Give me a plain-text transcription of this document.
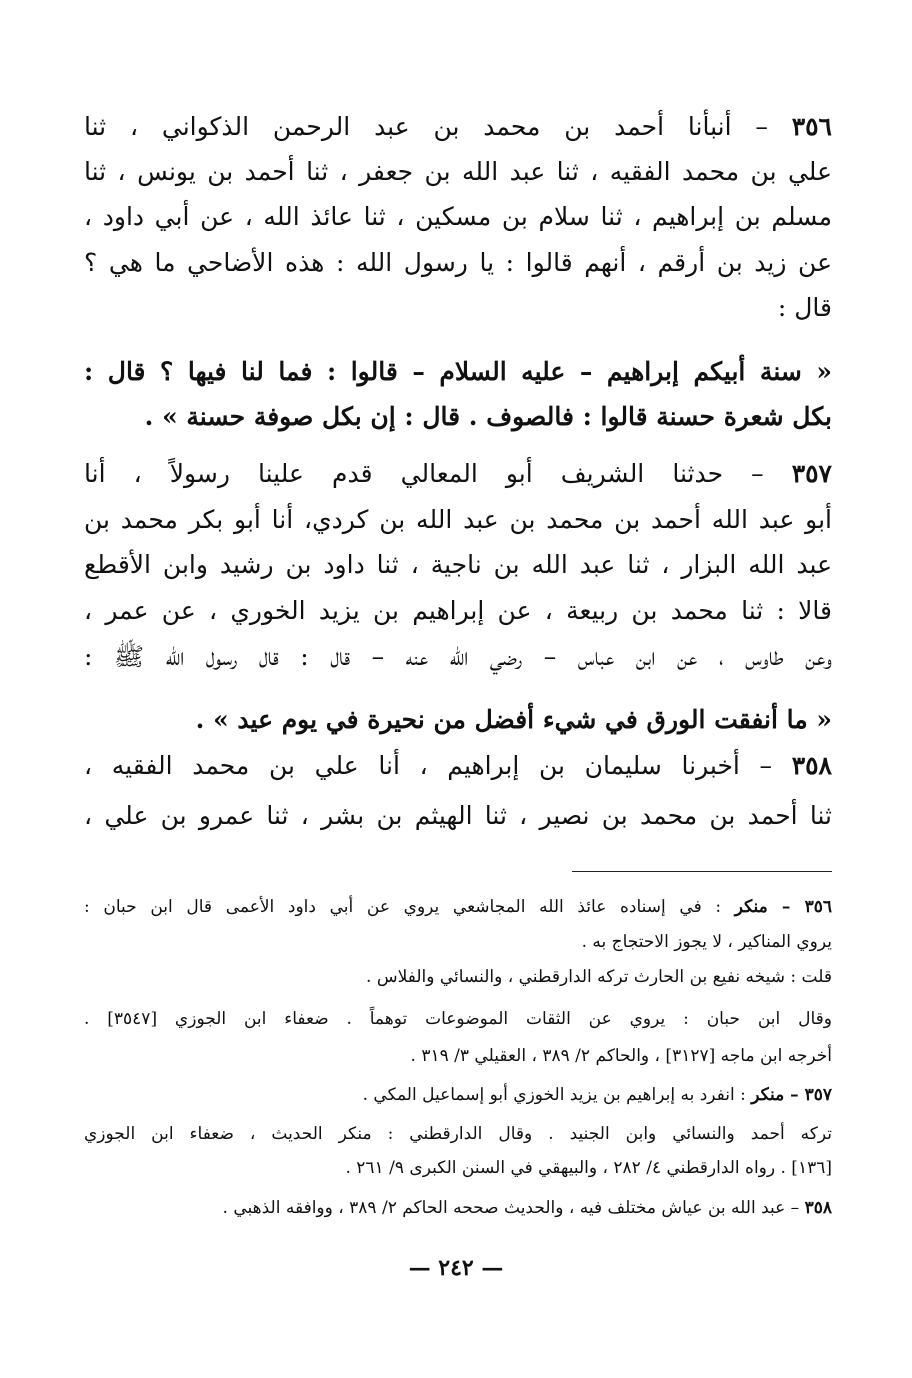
٣٥٦ – أنبأنا أحمد بن محمد بن عبد الرحمن الذكواني ، ثنا
علي بن محمد الفقيه ، ثنا عبد الله بن جعفر ، ثنا أحمد بن يونس ، ثنا
مسلم بن إبراهيم ، ثنا سلام بن مسكين ، ثنا عائذ الله ، عن أبي داود ،
عن زيد بن أرقم ، أنهم قالوا : يا رسول الله : هذه الأضاحي ما هي ؟
قال :
« سنة أبيكم إبراهيم – عليه السلام – قالوا : فما لنا فيها ؟ قال :
بكل شعرة حسنة قالوا : فالصوف . قال : إن بكل صوفة حسنة » .
٣٥٧ – حدثنا الشريف أبو المعالي قدم علينا رسولاً ، أنا
أبو عبد الله أحمد بن محمد بن عبد الله بن كردي، أنا أبو بكر محمد بن
عبد الله البزار ، ثنا عبد الله بن ناجية ، ثنا داود بن رشيد وابن الأقطع
قالا : ثنا محمد بن ربيعة ، عن إبراهيم بن يزيد الخوري ، عن عمر ،
وعن طاوس ، عن ابن عباس – رضي الله عنه – قال : قال رسول الله ﷺ :
« ما أنفقت الورق في شيء أفضل من نحيرة في يوم عيد » .
٣٥٨ – أخبرنا سليمان بن إبراهيم ، أنا علي بن محمد الفقيه ،
ثنا أحمد بن محمد بن نصير ، ثنا الهيثم بن بشر ، ثنا عمرو بن علي ،
٣٥٦ – منكر : في إسناده عائذ الله المجاشعي يروي عن أبي داود الأعمى قال ابن حبان :
يروي المناكير ، لا يجوز الاحتجاج به .
قلت : شيخه نفيع بن الحارث تركه الدارقطني ، والنسائي والفلاس .
وقال ابن حبان : يروي عن الثقات الموضوعات توهماً . ضعفاء ابن الجوزي [٣٥٤٧] .
أخرجه ابن ماجه [٣١٢٧] ، والحاكم ٢/ ٣٨٩ ، العقيلي ٣/ ٣١٩ .
٣٥٧ – منكر : انفرد به إبراهيم بن يزيد الخوزي أبو إسماعيل المكي .
تركه أحمد والنسائي وابن الجنيد . وقال الدارقطني : منكر الحديث ، ضعفاء ابن الجوزي
[١٣٦] . رواه الدارقطني ٤/ ٢٨٢ ، والبيهقي في السنن الكبرى ٩/ ٢٦١ .
٣٥٨ – عبد الله بن عياش مختلف فيه ، والحديث صححه الحاكم ٢/ ٣٨٩ ، ووافقه الذهبي .
— ٢٤٢ —
